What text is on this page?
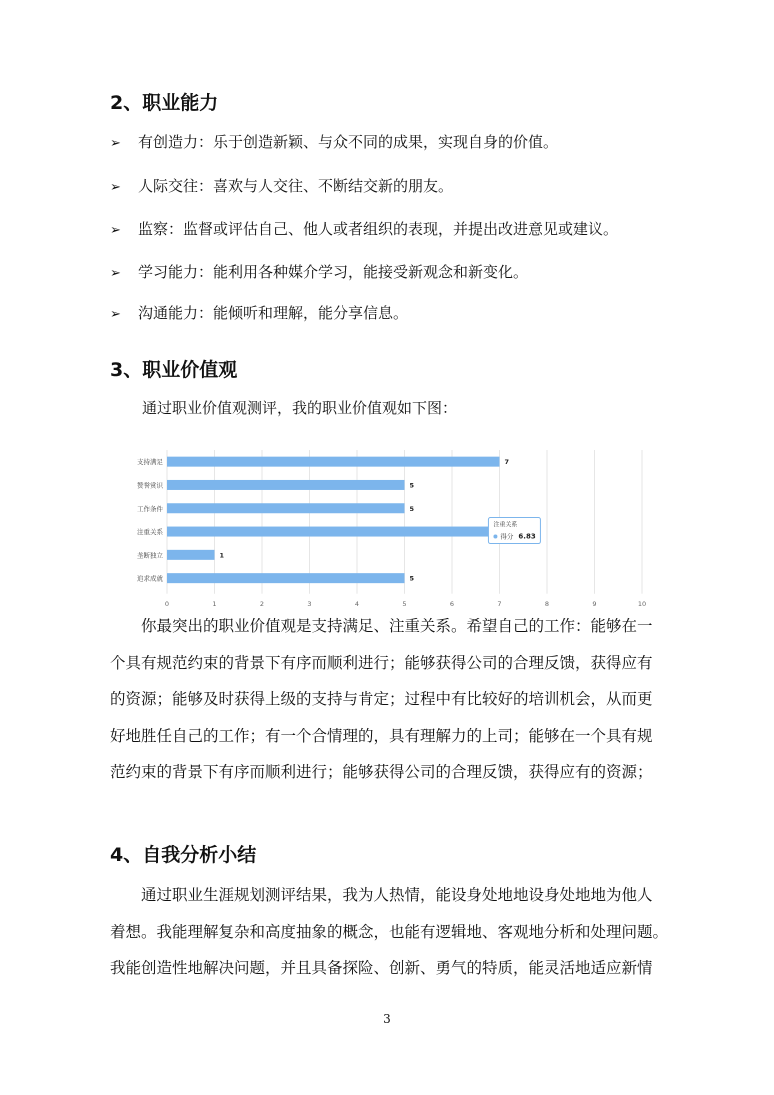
2、职业能力
➢ 有创造力：乐于创造新颖、与众不同的成果，实现自身的价值。
➢ 人际交往：喜欢与人交往、不断结交新的朋友。
➢ 监察：监督或评估自己、他人或者组织的表现，并提出改进意见或建议。
➢ 学习能力：能利用各种媒介学习，能接受新观念和新变化。
➢ 沟通能力：能倾听和理解，能分享信息。
3、职业价值观
通过职业价值观测评，我的职业价值观如下图：
0	1	2	3	4	5	6	7	8	9	10
支持满足	7
赞誉赏识	5
工作条件	5
注重关系
垄断独立	1
追求成就	5
注重关系
得分 6.83
你最突出的职业价值观是支持满足、注重关系。希望自己的工作：能够在一
个具有规范约束的背景下有序而顺利进行；能够获得公司的合理反馈，获得应有
的资源；能够及时获得上级的支持与肯定；过程中有比较好的培训机会，从而更
好地胜任自己的工作；有一个合情理的，具有理解力的上司；能够在一个具有规
范约束的背景下有序而顺利进行；能够获得公司的合理反馈，获得应有的资源；
4、自我分析小结
通过职业生涯规划测评结果，我为人热情，能设身处地地设身处地地为他人
着想。我能理解复杂和高度抽象的概念，也能有逻辑地、客观地分析和处理问题。
我能创造性地解决问题，并且具备探险、创新、勇气的特质，能灵活地适应新情
3
